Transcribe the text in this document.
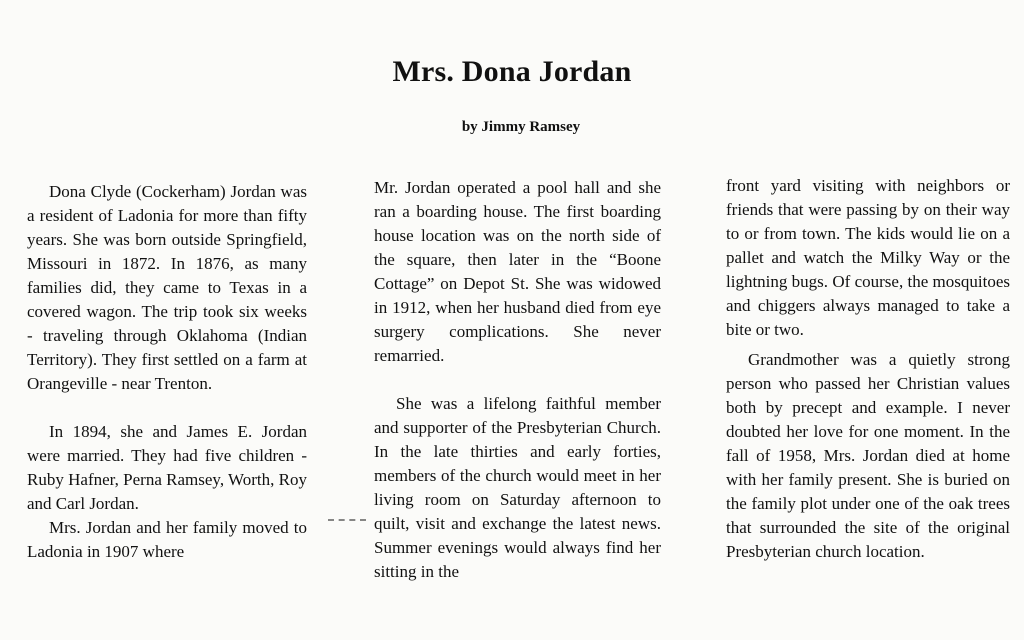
Mrs. Dona Jordan
by Jimmy Ramsey

Dona Clyde (Cockerham) Jordan was a resident of Ladonia for more than fifty years. She was born outside Springfield, Missouri in 1872. In 1876, as many families did, they came to Texas in a covered wagon. The trip took six weeks - traveling through Oklahoma (Indian Territory). They first settled on a farm at Orangeville - near Trenton.

In 1894, she and James E. Jordan were married. They had five children - Ruby Hafner, Perna Ramsey, Worth, Roy and Carl Jordan.

Mrs. Jordan and her family moved to Ladonia in 1907 where

Mr. Jordan operated a pool hall and she ran a boarding house. The first boarding house location was on the north side of the square, then later in the “Boone Cottage” on Depot St. She was widowed in 1912, when her husband died from eye surgery complications. She never remarried.

She was a lifelong faithful member and supporter of the Presbyterian Church. In the late thirties and early forties, members of the church would meet in her living room on Saturday afternoon to quilt, visit and exchange the latest news. Summer evenings would always find her sitting in the

front yard visiting with neighbors or friends that were passing by on their way to or from town. The kids would lie on a pallet and watch the Milky Way or the lightning bugs. Of course, the mosquitoes and chiggers always managed to take a bite or two.

Grandmother was a quietly strong person who passed her Christian values both by precept and example. I never doubted her love for one moment. In the fall of 1958, Mrs. Jordan died at home with her family present. She is buried on the family plot under one of the oak trees that surrounded the site of the original Presbyterian church location.
